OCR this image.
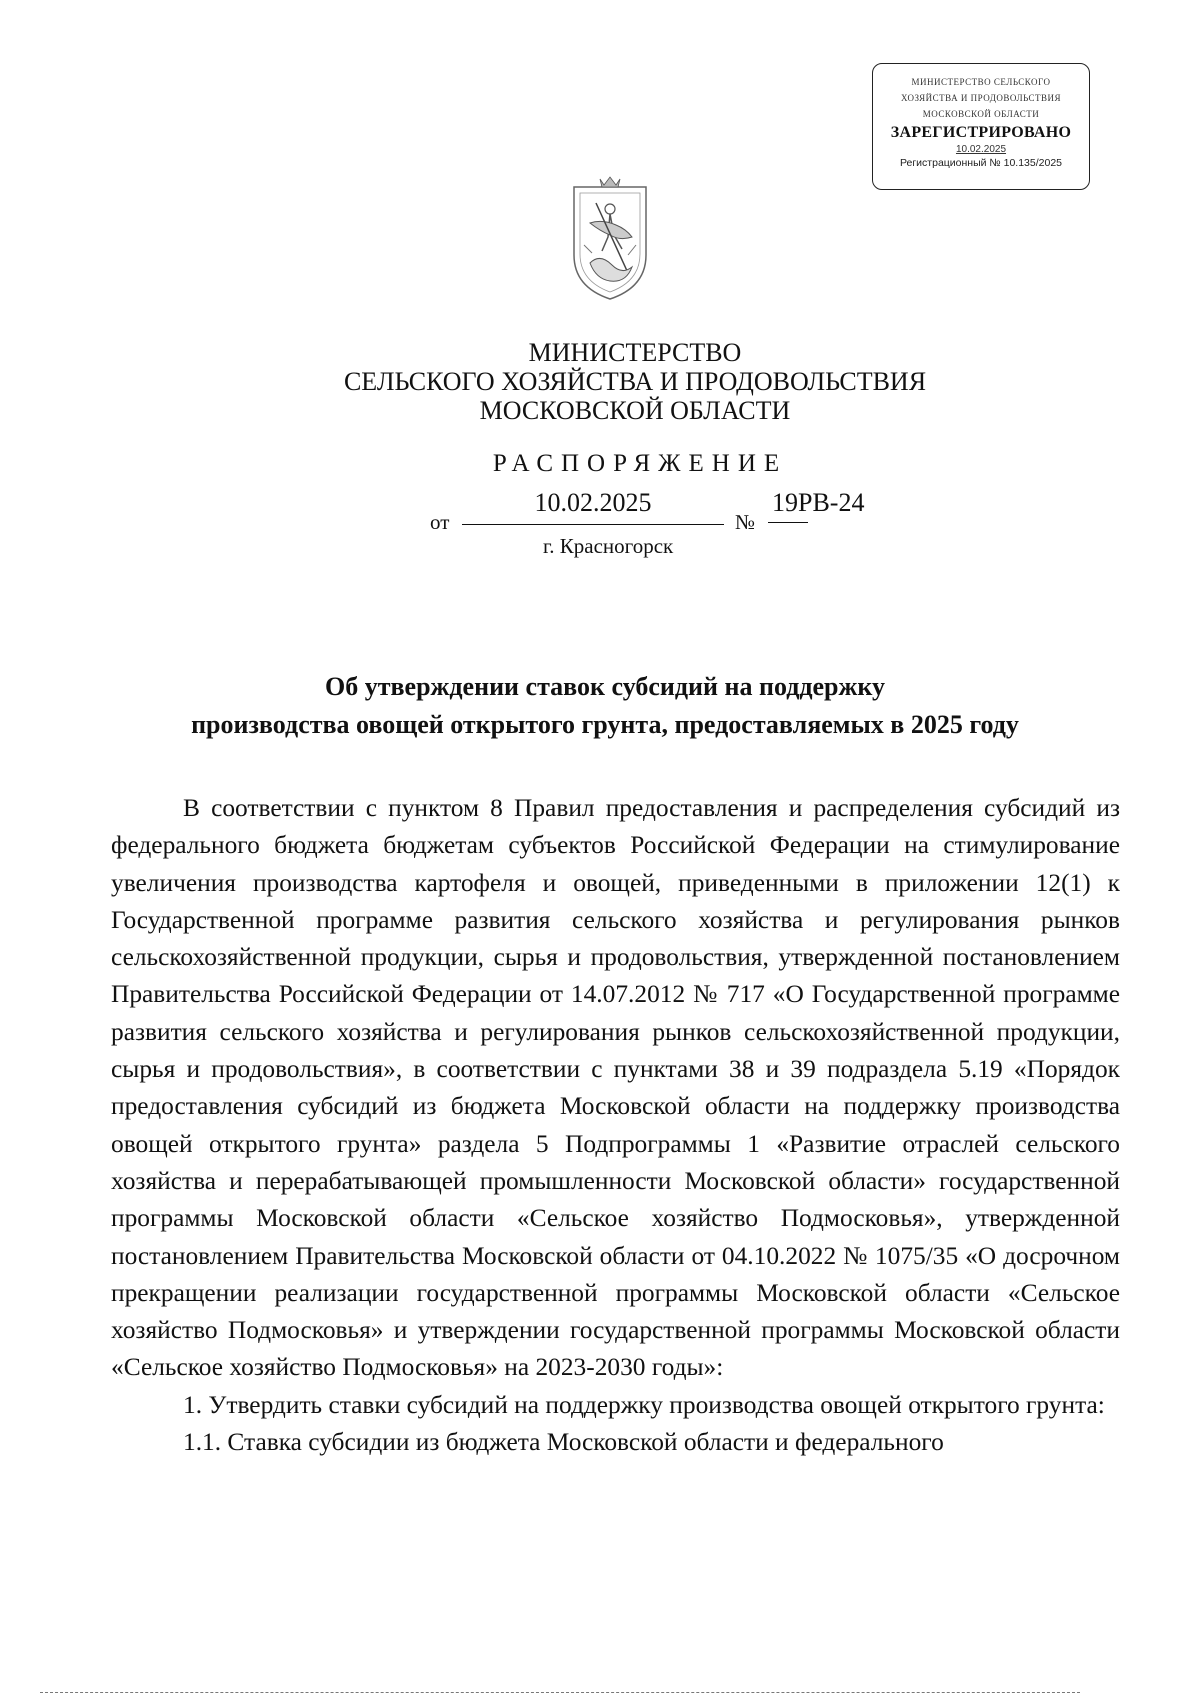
МИНИСТЕРСТВО СЕЛЬСКОГО
ХОЗЯЙСТВА И ПРОДОВОЛЬСТВИЯ
МОСКОВСКОЙ ОБЛАСТИ
ЗАРЕГИСТРИРОВАНО
10.02.2025
Регистрационный № 10.135/2025
МИНИСТЕРСТВО
СЕЛЬСКОГО ХОЗЯЙСТВА И ПРОДОВОЛЬСТВИЯ
МОСКОВСКОЙ ОБЛАСТИ
РАСПОРЯЖЕНИЕ
от
10.02.2025
№
19РВ-24
г. Красногорск
Об утверждении ставок субсидий на поддержку
производства овощей открытого грунта, предоставляемых в 2025 году

В соответствии с пунктом 8 Правил предоставления и распределения субсидий из федерального бюджета бюджетам субъектов Российской Федерации на стимулирование увеличения производства картофеля и овощей, приведенными в приложении 12(1) к Государственной программе развития сельского хозяйства и регулирования рынков сельскохозяйственной продукции, сырья и продовольствия, утвержденной постановлением Правительства Российской Федерации от 14.07.2012 № 717 «О Государственной программе развития сельского хозяйства и регулирования рынков сельскохозяйственной продукции, сырья и продовольствия», в соответствии с пунктами 38 и 39 подраздела 5.19 «Порядок предоставления субсидий из бюджета Московской области на поддержку производства овощей открытого грунта» раздела 5 Подпрограммы 1 «Развитие отраслей сельского хозяйства и перерабатывающей промышленности Московской области» государственной программы Московской области «Сельское хозяйство Подмосковья», утвержденной постановлением Правительства Московской области от 04.10.2022 № 1075/35 «О досрочном прекращении реализации государственной программы Московской области «Сельское хозяйство Подмосковья» и утверждении государственной программы Московской области «Сельское хозяйство Подмосковья» на 2023-2030 годы»:

1. Утвердить ставки субсидий на поддержку производства овощей открытого грунта:

1.1. Ставка субсидии из бюджета Московской области и федерального
